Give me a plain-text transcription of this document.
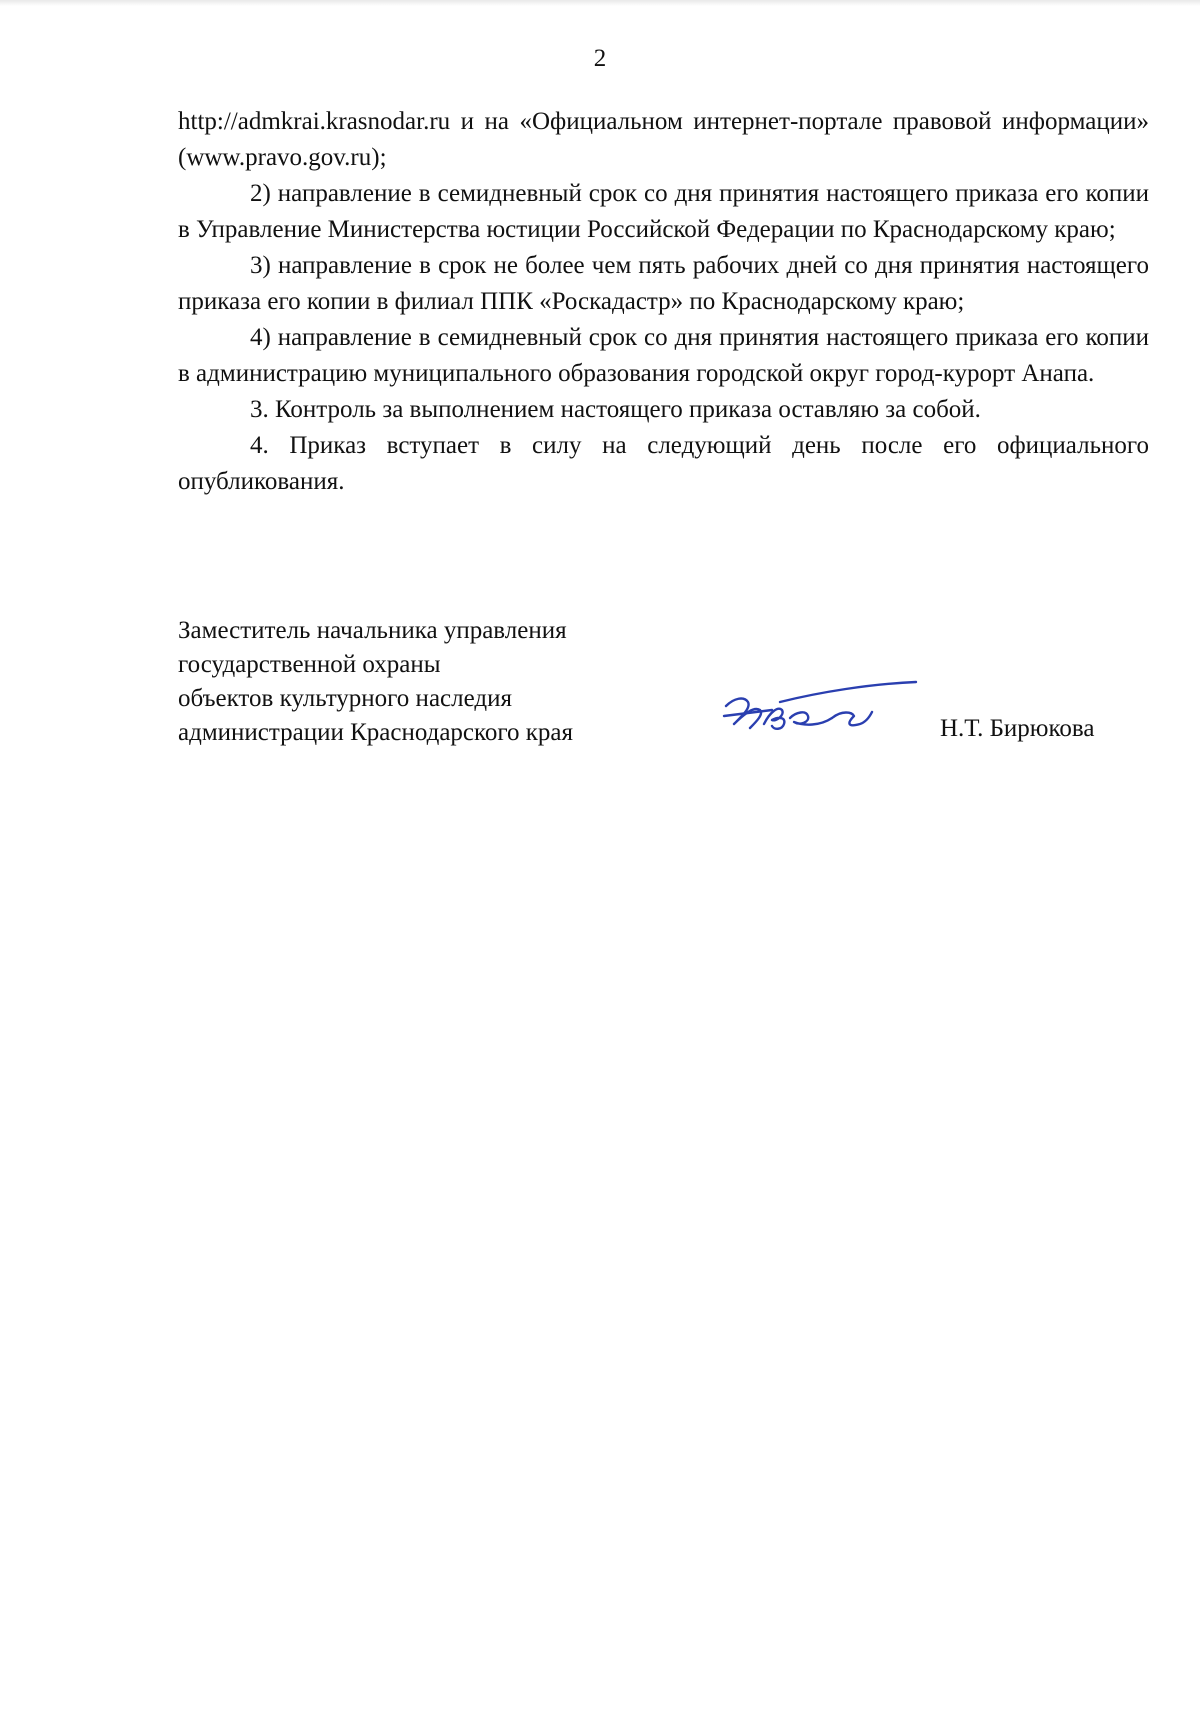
2

http://admkrai.krasnodar.ru и на «Официальном интернет-портале правовой информации» (www.pravo.gov.ru);

2) направление в семидневный срок со дня принятия настоящего приказа его копии в Управление Министерства юстиции Российской Федерации по Краснодарскому краю;

3) направление в срок не более чем пять рабочих дней со дня принятия настоящего приказа его копии в филиал ППК «Роскадастр» по Краснодарскому краю;

4) направление в семидневный срок со дня принятия настоящего приказа его копии в администрацию муниципального образования городской округ город-курорт Анапа.

3. Контроль за выполнением настоящего приказа оставляю за собой.

4. Приказ вступает в силу на следующий день после его официального опубликования.

Заместитель начальника управления
государственной охраны
объектов культурного наследия
администрации Краснодарского края	Н.Т. Бирюкова
